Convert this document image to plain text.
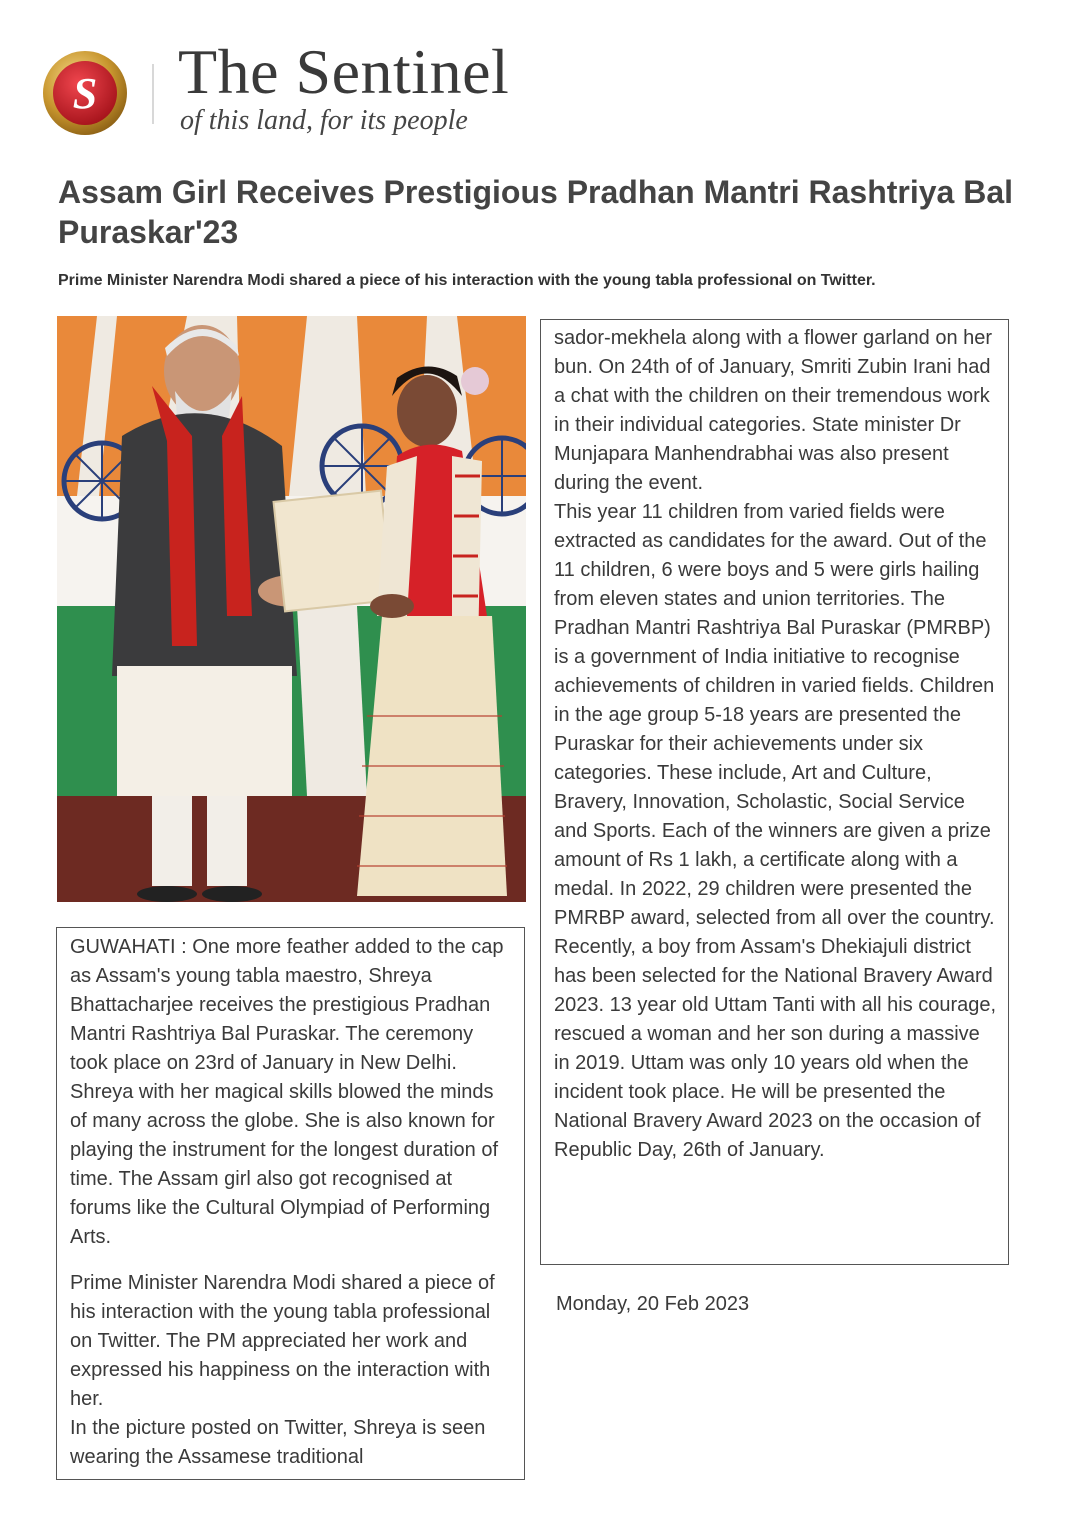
S The Sentinel
of this land, for its people
Assam Girl Receives Prestigious Pradhan Mantri Rashtriya Bal Puraskar'23

Prime Minister Narendra Modi shared a piece of his interaction with the young tabla professional on Twitter.

GUWAHATI : One more feather added to the cap as Assam's young tabla maestro, Shreya Bhattacharjee receives the prestigious Pradhan Mantri Rashtriya Bal Puraskar. The ceremony took place on 23rd of January in New Delhi. Shreya with her magical skills blowed the minds of many across the globe. She is also known for playing the instrument for the longest duration of time. The Assam girl also got recognised at forums like the Cultural Olympiad of Performing Arts.

Prime Minister Narendra Modi shared a piece of his interaction with the young tabla professional on Twitter. The PM appreciated her work and expressed his happiness on the interaction with her.
In the picture posted on Twitter, Shreya is seen wearing the Assamese traditional

sador-mekhela along with a flower garland on her bun. On 24th of of January, Smriti Zubin Irani had a chat with the children on their tremendous work in their individual categories. State minister Dr Munjapara Manhendrabhai was also present during the event.
This year 11 children from varied fields were extracted as candidates for the award. Out of the 11 children, 6 were boys and 5 were girls hailing from eleven states and union territories. The Pradhan Mantri Rashtriya Bal Puraskar (PMRBP) is a government of India initiative to recognise achievements of children in varied fields. Children in the age group 5-18 years are presented the Puraskar for their achievements under six categories. These include, Art and Culture, Bravery, Innovation, Scholastic, Social Service and Sports. Each of the winners are given a prize amount of Rs 1 lakh, a certificate along with a medal. In 2022, 29 children were presented the PMRBP award, selected from all over the country. Recently, a boy from Assam's Dhekiajuli district has been selected for the National Bravery Award 2023. 13 year old Uttam Tanti with all his courage, rescued a woman and her son during a massive in 2019. Uttam was only 10 years old when the incident took place. He will be presented the National Bravery Award 2023 on the occasion of Republic Day, 26th of January.

Monday, 20 Feb 2023
